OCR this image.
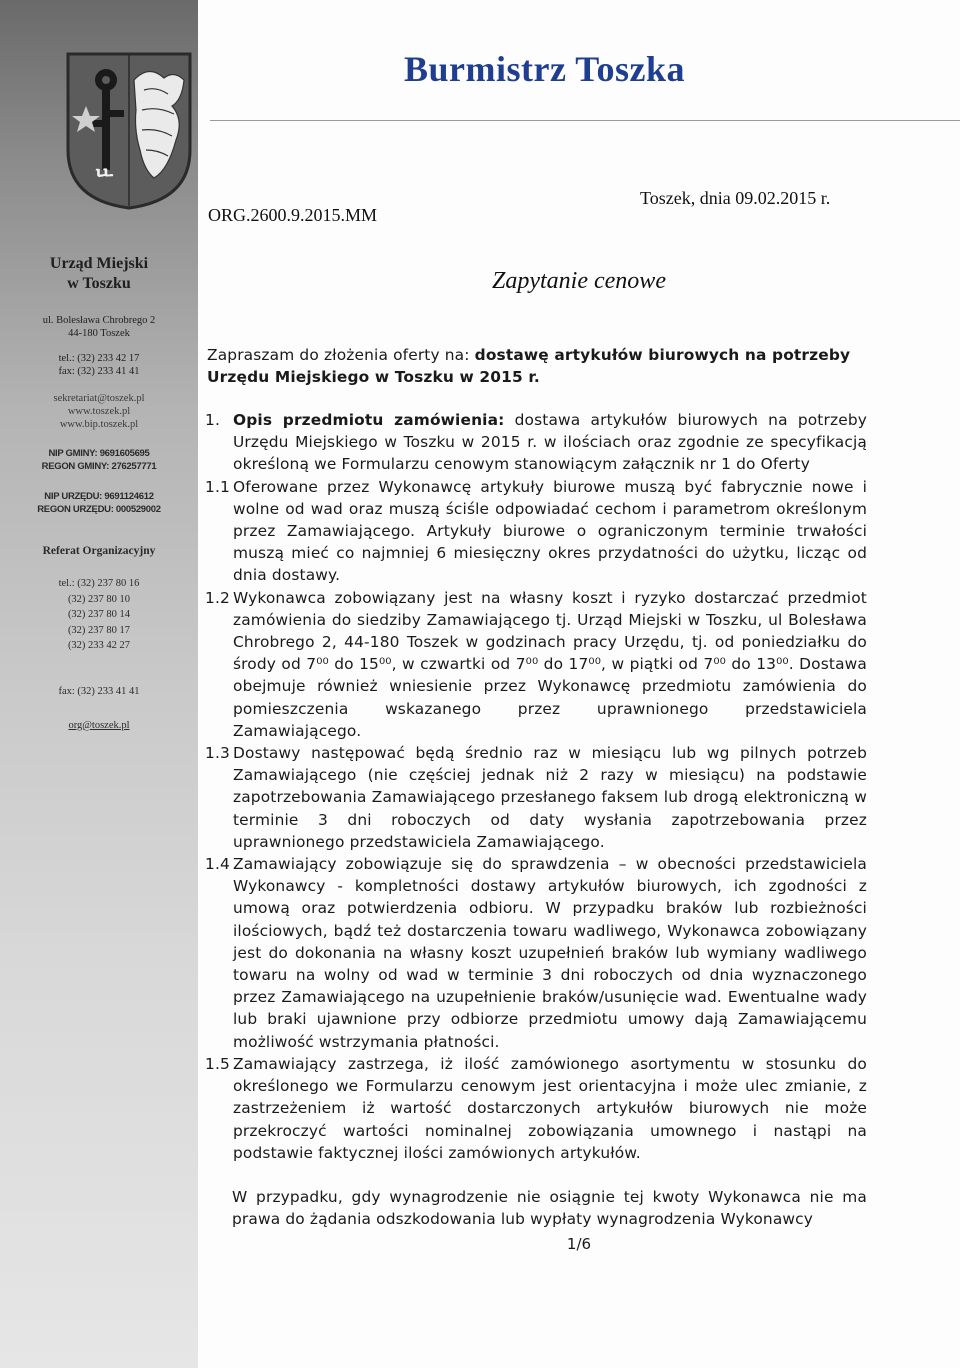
ᄔ
Urząd Miejski
w Toszku
ul. Bolesława Chrobrego 2
44-180 Toszek
tel.: (32) 233 42 17
fax: (32) 233 41 41
sekretariat@toszek.pl
www.toszek.pl
www.bip.toszek.pl
NIP GMINY: 9691605695
REGON GMINY: 276257771
NIP URZĘDU: 9691124612
REGON URZĘDU: 000529002
Referat Organizacyjny
tel.: (32) 237 80 16
(32) 237 80 10
(32) 237 80 14
(32) 237 80 17
(32) 233 42 27
fax: (32) 233 41 41
org@toszek.pl
Burmistrz Toszka
Toszek, dnia 09.02.2015 r.
ORG.2600.9.2015.MM
Zapytanie cenowe
Zapraszam do złożenia oferty na: dostawę artykułów biurowych na potrzeby Urzędu Miejskiego w Toszku w 2015 r.
1. Opis przedmiotu zamówienia: dostawa artykułów biurowych na potrzeby Urzędu Miejskiego w Toszku w 2015 r. w ilościach oraz zgodnie ze specyfikacją określoną we Formularzu cenowym stanowiącym załącznik nr 1 do Oferty
1.1 Oferowane przez Wykonawcę artykuły biurowe muszą być fabrycznie nowe i wolne od wad oraz muszą ściśle odpowiadać cechom i parametrom określonym przez Zamawiającego. Artykuły biurowe o ograniczonym terminie trwałości muszą mieć co najmniej 6 miesięczny okres przydatności do użytku, licząc od dnia dostawy.
1.2 Wykonawca zobowiązany jest na własny koszt i ryzyko dostarczać przedmiot zamówienia do siedziby Zamawiającego tj. Urząd Miejski w Toszku, ul Bolesława Chrobrego 2, 44-180 Toszek w godzinach pracy Urzędu, tj. od poniedziałku do środy od 7⁰⁰ do 15⁰⁰, w czwartki od 7⁰⁰ do 17⁰⁰, w piątki od 7⁰⁰ do 13⁰⁰. Dostawa obejmuje również wniesienie przez Wykonawcę przedmiotu zamówienia do pomieszczenia wskazanego przez uprawnionego przedstawiciela Zamawiającego.
1.3 Dostawy następować będą średnio raz w miesiącu lub wg pilnych potrzeb Zamawiającego (nie częściej jednak niż 2 razy w miesiącu) na podstawie zapotrzebowania Zamawiającego przesłanego faksem lub drogą elektroniczną w terminie 3 dni roboczych od daty wysłania zapotrzebowania przez uprawnionego przedstawiciela Zamawiającego.
1.4 Zamawiający zobowiązuje się do sprawdzenia – w obecności przedstawiciela Wykonawcy - kompletności dostawy artykułów biurowych, ich zgodności z umową oraz potwierdzenia odbioru. W przypadku braków lub rozbieżności ilościowych, bądź też dostarczenia towaru wadliwego, Wykonawca zobowiązany jest do dokonania na własny koszt uzupełnień braków lub wymiany wadliwego towaru na wolny od wad w terminie 3 dni roboczych od dnia wyznaczonego przez Zamawiającego na uzupełnienie braków/usunięcie wad. Ewentualne wady lub braki ujawnione przy odbiorze przedmiotu umowy dają Zamawiającemu możliwość wstrzymania płatności.
1.5 Zamawiający zastrzega, iż ilość zamówionego asortymentu w stosunku do określonego we Formularzu cenowym jest orientacyjna i może ulec zmianie, z zastrzeżeniem iż wartość dostarczonych artykułów biurowych nie może przekroczyć wartości nominalnej zobowiązania umownego i nastąpi na podstawie faktycznej ilości zamówionych artykułów.
W przypadku, gdy wynagrodzenie nie osiągnie tej kwoty Wykonawca nie ma prawa do żądania odszkodowania lub wypłaty wynagrodzenia Wykonawcy
1/6
